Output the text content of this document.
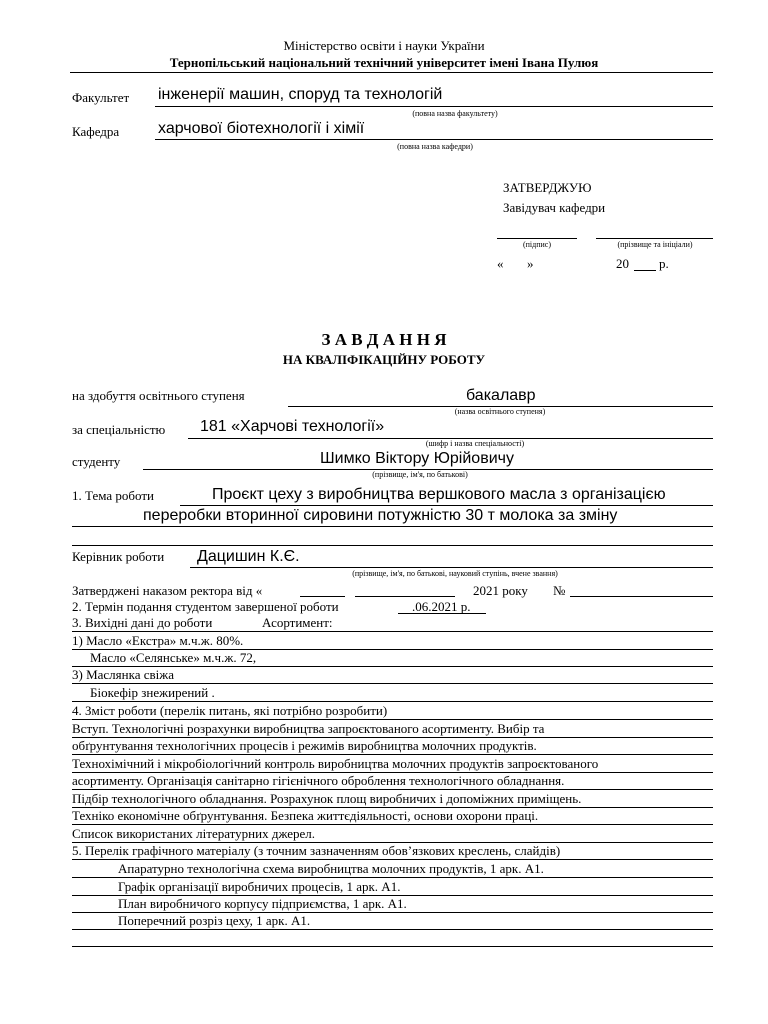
Міністерство освіти і науки України
Тернопільський національний технічний університет імені Івана Пулюя
Факультет інженерії машин, споруд та технологій
(повна назва факультету)
Кафедра харчової біотехнології і хімії
(повна назва кафедри)
ЗАТВЕРДЖУЮ
Завідувач кафедри
(підпис)	(прізвище та ініціали)
« »	20 р.
З А В Д А Н Н Я
НА КВАЛІФІКАЦІЙНУ РОБОТУ
на здобуття освітнього ступеня	бакалавр
(назва освітнього ступеня)
за спеціальністю 181 «Харчові технології»
(шифр і назва спеціальності)
студенту	Шимко Віктору Юрійовичу
(прізвище, ім'я, по батькові)
1. Тема роботи	Проєкт цеху з виробництва вершкового масла з організацією
переробки вторинної сировини потужністю 30 т молока за зміну
Керівник роботи Дацишин К.Є.
(прізвище, ім'я, по батькові, науковий ступінь, вчене звання)
Затверджені наказом ректора від «	2021 року №
2. Термін подання студентом завершеної роботи	.06.2021 р.
3. Вихідні дані до роботи	Асортимент:
1) Масло «Екстра» м.ч.ж. 80%.
Масло «Селянське» м.ч.ж. 72,
3) Маслянка свіжа
Біокефір знежирений .
4. Зміст роботи (перелік питань, які потрібно розробити)
Вступ. Технологічні розрахунки виробництва запроєктованого асортименту. Вибір та
обґрунтування технологічних процесів і режимів виробництва молочних продуктів.
Технохімічний і мікробіологічний контроль виробництва молочних продуктів запроєктованого
асортименту. Організація санітарно гігієнічного оброблення технологічного обладнання.
Підбір технологічного обладнання. Розрахунок площ виробничих і допоміжних приміщень.
Техніко економічне обґрунтування. Безпека життєдіяльності, основи охорони праці.
Список використаних літературних джерел.
5. Перелік графічного матеріалу (з точним зазначенням обов’язкових креслень, слайдів)
Апаратурно технологічна схема виробництва молочних продуктів, 1 арк. А1.
Графік організації виробничих процесів, 1 арк. А1.
План виробничого корпусу підприємства, 1 арк. А1.
Поперечний розріз цеху, 1 арк. А1.
